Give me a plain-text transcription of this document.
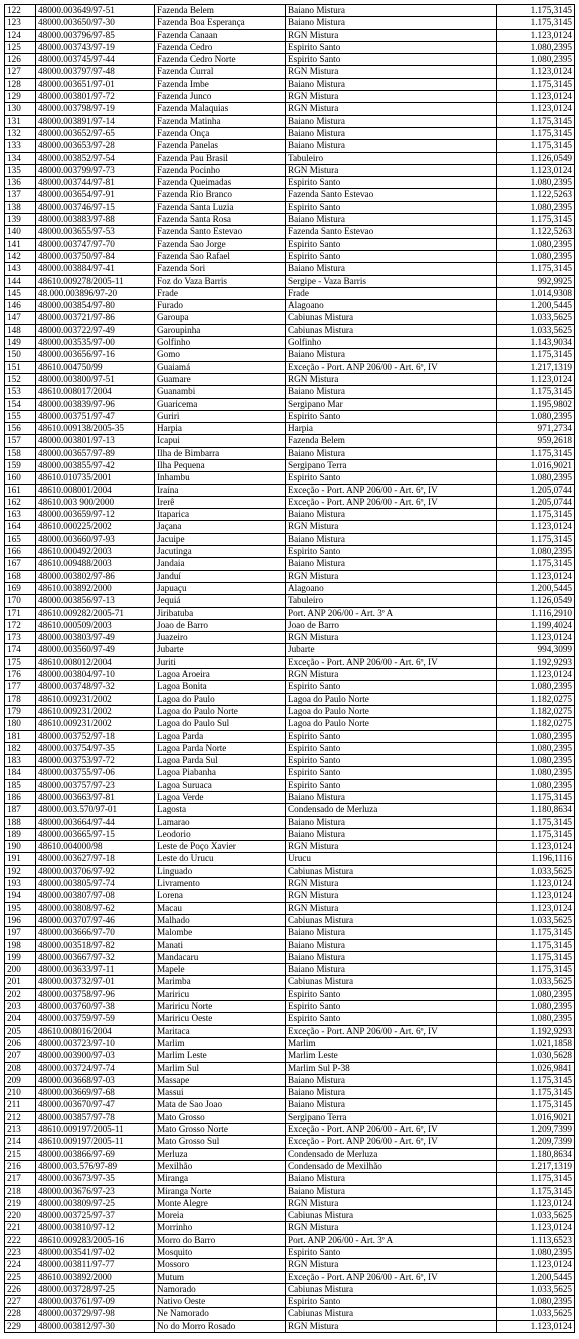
122	48000.003649/97-51	Fazenda Belem	Baiano Mistura	1.175,3145
123	48000.003650/97-30	Fazenda Boa Esperança	Baiano Mistura	1.175,3145
124	48000.003796/97-85	Fazenda Canaan	RGN Mistura	1.123,0124
125	48000.003743/97-19	Fazenda Cedro	Espirito Santo	1.080,2395
126	48000.003745/97-44	Fazenda Cedro Norte	Espirito Santo	1.080,2395
127	48000.003797/97-48	Fazenda Curral	RGN Mistura	1.123,0124
128	48000.003651/97-01	Fazenda Imbe	Baiano Mistura	1.175,3145
129	48000.003801/97-72	Fazenda Junco	RGN Mistura	1.123,0124
130	48000.003798/97-19	Fazenda Malaquias	RGN Mistura	1.123,0124
131	48000.003891/97-14	Fazenda Matinha	Baiano Mistura	1.175,3145
132	48000.003652/97-65	Fazenda Onça	Baiano Mistura	1.175,3145
133	48000.003653/97-28	Fazenda Panelas	Baiano Mistura	1.175,3145
134	48000.003852/97-54	Fazenda Pau Brasil	Tabuleiro	1.126,0549
135	48000.003799/97-73	Fazenda Pocinho	RGN Mistura	1.123,0124
136	48000.003744/97-81	Fazenda Queimadas	Espirito Santo	1.080,2395
137	48000.003654/97-91	Fazenda Rio Branco	Fazenda Santo Estevao	1.122,5263
138	48000.003746/97-15	Fazenda Santa Luzia	Espirito Santo	1.080,2395
139	48000.003883/97-88	Fazenda Santa Rosa	Baiano Mistura	1.175,3145
140	48000.003655/97-53	Fazenda Santo Estevao	Fazenda Santo Estevao	1.122,5263
141	48000.003747/97-70	Fazenda Sao Jorge	Espirito Santo	1.080,2395
142	48000.003750/97-84	Fazenda Sao Rafael	Espirito Santo	1.080,2395
143	48000.003884/97-41	Fazenda Sori	Baiano Mistura	1.175,3145
144	48610.009278/2005-11	Foz do Vaza Barris	Sergipe - Vaza Barris	992,9925
145	48.000.003896/97-20	Frade	Frade	1.014,9308
146	48000.003854/97-80	Furado	Alagoano	1.200,5445
147	48000.003721/97-86	Garoupa	Cabiunas Mistura	1.033,5625
148	48000.003722/97-49	Garoupinha	Cabiunas Mistura	1.033,5625
149	48000.003535/97-00	Golfinho	Golfinho	1.143,9034
150	48000.003656/97-16	Gomo	Baiano Mistura	1.175,3145
151	48610.004750/99	Guaiamá	Exceção - Port. ANP 206/00 - Art. 6º, IV	1.217,1319
152	48000.003800/97-51	Guamare	RGN Mistura	1.123,0124
153	48610.008017/2004	Guanambi	Baiano Mistura	1.175,3145
154	48000.003839/97-96	Guaricema	Sergipano Mar	1.195,9802
155	48000.003751/97-47	Guriri	Espirito Santo	1.080,2395
156	48610.009138/2005-35	Harpia	Harpia	971,2734
157	48000.003801/97-13	Icapui	Fazenda Belem	959,2618
158	48000.003657/97-89	Ilha de Bimbarra	Baiano Mistura	1.175,3145
159	48000.003855/97-42	Ilha Pequena	Sergipano Terra	1.016,9021
160	48610.010735/2001	Inhambu	Espirito Santo	1.080,2395
161	48610.008001/2004	Iraína	Exceção - Port. ANP 206/00 - Art. 6º, IV	1.205,0744
162	48610.003 900/2000	Irerê	Exceção - Port. ANP 206/00 - Art. 6º, IV	1.205,0744
163	48000.003659/97-12	Itaparica	Baiano Mistura	1.175,3145
164	48610.000225/2002	Jaçana	RGN Mistura	1.123,0124
165	48000.003660/97-93	Jacuipe	Baiano Mistura	1.175,3145
166	48610.000492/2003	Jacutinga	Espirito Santo	1.080,2395
167	48610.009488/2003	Jandaia	Baiano Mistura	1.175,3145
168	48000.003802/97-86	Janduí	RGN Mistura	1.123,0124
169	48610.003892/2000	Japuaçu	Alagoano	1.200,5445
170	48000.003856/97-13	Jequiá	Tabuleiro	1.126,0549
171	48610.009282/2005-71	Jiribatuba	Port. ANP 206/00 - Art. 3º A	1.116,2910
172	48610.000509/2003	Joao de Barro	Joao de Barro	1.199,4024
173	48000.003803/97-49	Juazeiro	RGN Mistura	1.123,0124
174	48000.003560/97-49	Jubarte	Jubarte	994,3099
175	48610.008012/2004	Juriti	Exceção - Port. ANP 206/00 - Art. 6º, IV	1.192,9293
176	48000.003804/97-10	Lagoa Aroeira	RGN Mistura	1.123,0124
177	48000.003748/97-32	Lagoa Bonita	Espirito Santo	1.080,2395
178	48610.009231/2002	Lagoa do Paulo	Lagoa do Paulo Norte	1.182,0275
179	48610.009231/2002	Lagoa do Paulo Norte	Lagoa do Paulo Norte	1.182,0275
180	48610.009231/2002	Lagoa do Paulo Sul	Lagoa do Paulo Norte	1.182,0275
181	48000.003752/97-18	Lagoa Parda	Espirito Santo	1.080,2395
182	48000.003754/97-35	Lagoa Parda Norte	Espirito Santo	1.080,2395
183	48000.003753/97-72	Lagoa Parda Sul	Espirito Santo	1.080,2395
184	48000.003755/97-06	Lagoa Piabanha	Espirito Santo	1.080,2395
185	48000.003757/97-23	Lagoa Suruaca	Espirito Santo	1.080,2395
186	48000.003663/97-81	Lagoa Verde	Baiano Mistura	1.175,3145
187	48000.003.570/97-01	Lagosta	Condensado de Merluza	1.180,8634
188	48000.003664/97-44	Lamarao	Baiano Mistura	1.175,3145
189	48000.003665/97-15	Leodorio	Baiano Mistura	1.175,3145
190	48610.004000/98	Leste de Poço Xavier	RGN Mistura	1.123,0124
191	48000.003627/97-18	Leste do Urucu	Urucu	1.196,1116
192	48000.003706/97-92	Linguado	Cabiunas Mistura	1.033,5625
193	48000.003805/97-74	Livramento	RGN Mistura	1.123,0124
194	48000.003807/97-08	Lorena	RGN Mistura	1.123,0124
195	48000.003808/97-62	Macau	RGN Mistura	1.123,0124
196	48000.003707/97-46	Malhado	Cabiunas Mistura	1.033,5625
197	48000.003666/97-70	Malombe	Baiano Mistura	1.175,3145
198	48000.003518/97-82	Manati	Baiano Mistura	1.175,3145
199	48000.003667/97-32	Mandacaru	Baiano Mistura	1.175,3145
200	48000.003633/97-11	Mapele	Baiano Mistura	1.175,3145
201	48000.003732/97-01	Marimba	Cabiunas Mistura	1.033,5625
202	48000.003758/97-96	Mariricu	Espirito Santo	1.080,2395
203	48000.003760/97-38	Mariricu Norte	Espirito Santo	1.080,2395
204	48000.003759/97-59	Mariricu Oeste	Espirito Santo	1.080,2395
205	48610.008016/2004	Maritaca	Exceção - Port. ANP 206/00 - Art. 6º, IV	1.192,9293
206	48000.003723/97-10	Marlim	Marlim	1.021,1858
207	48000.003900/97-03	Marlim Leste	Marlim Leste	1.030,5628
208	48000.003724/97-74	Marlim Sul	Marlim Sul P-38	1.026,9841
209	48000.003668/97-03	Massape	Baiano Mistura	1.175,3145
210	48000.003669/97-68	Massui	Baiano Mistura	1.175,3145
211	48000.003670/97-47	Mata de Sao Joao	Baiano Mistura	1.175,3145
212	48000.003857/97-78	Mato Grosso	Sergipano Terra	1.016,9021
213	48610.009197/2005-11	Mato Grosso Norte	Exceção - Port. ANP 206/00 - Art. 6º, IV	1.209,7399
214	48610.009197/2005-11	Mato Grosso Sul	Exceção - Port. ANP 206/00 - Art. 6º, IV	1.209,7399
215	48000.003866/97-69	Merluza	Condensado de Merluza	1.180,8634
216	48000.003.576/97-89	Mexilhão	Condensado de Mexilhão	1.217,1319
217	48000.003673/97-35	Miranga	Baiano Mistura	1.175,3145
218	48000.003676/97-23	Miranga Norte	Baiano Mistura	1.175,3145
219	48000.003809/97-25	Monte Alegre	RGN Mistura	1.123,0124
220	48000.003725/97-37	Moreia	Cabiunas Mistura	1.033,5625
221	48000.003810/97-12	Morrinho	RGN Mistura	1.123,0124
222	48610.009283/2005-16	Morro do Barro	Port. ANP 206/00 - Art. 3º A	1.113,6523
223	48000.003541/97-02	Mosquito	Espirito Santo	1.080,2395
224	48000.003811/97-77	Mossoro	RGN Mistura	1.123,0124
225	48610.003892/2000	Mutum	Exceção - Port. ANP 206/00 - Art. 6º, IV	1.200,5445
226	48000.003728/97-25	Namorado	Cabiunas Mistura	1.033,5625
227	48000.003761/97-09	Nativo Oeste	Espirito Santo	1.080,2395
228	48000.003729/97-98	Ne Namorado	Cabiunas Mistura	1.033,5625
229	48000.003812/97-30	No do Morro Rosado	RGN Mistura	1.123,0124
